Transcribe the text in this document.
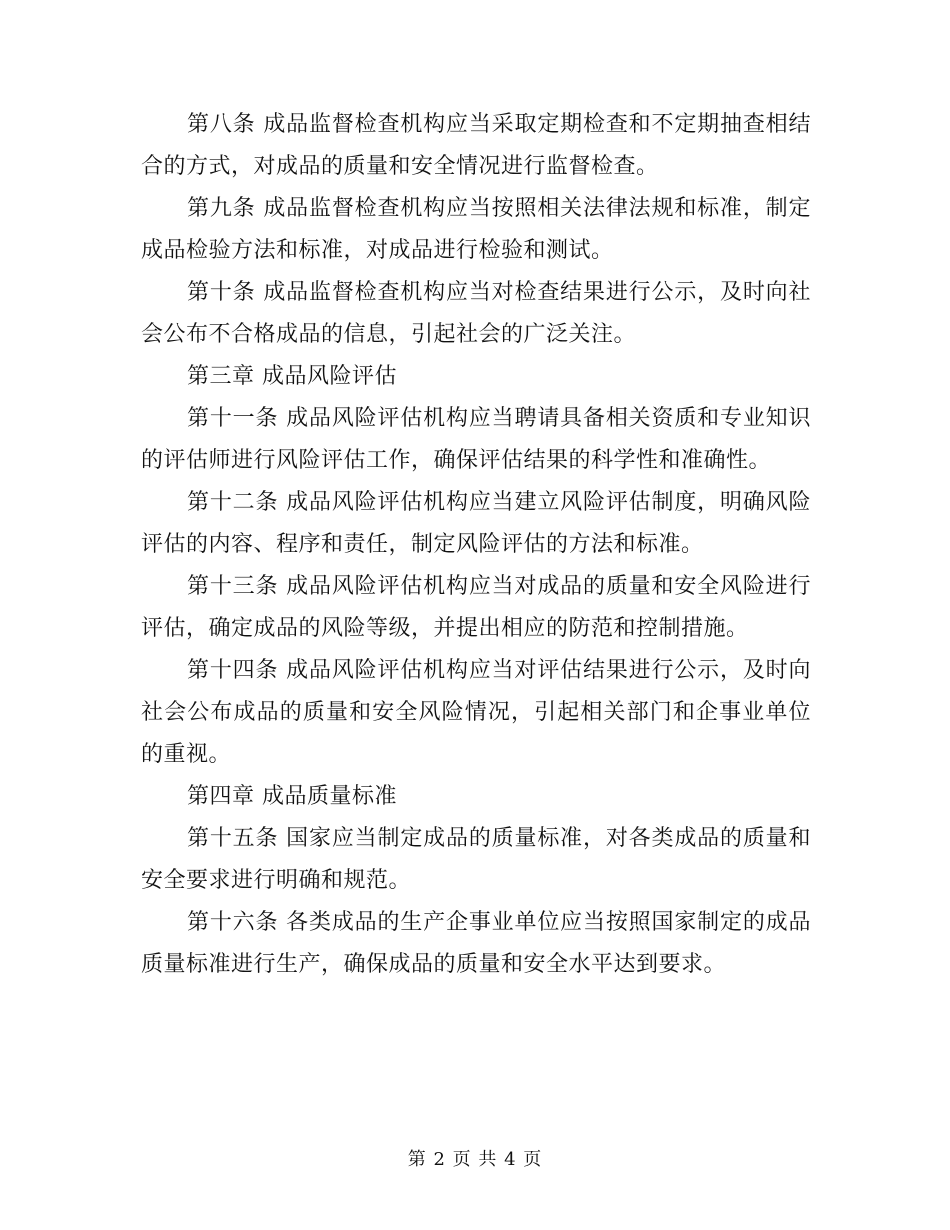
第八条 成品监督检查机构应当采取定期检查和不定期抽查相结合的方式，对成品的质量和安全情况进行监督检查。

第九条 成品监督检查机构应当按照相关法律法规和标准，制定成品检验方法和标准，对成品进行检验和测试。

第十条 成品监督检查机构应当对检查结果进行公示，及时向社会公布不合格成品的信息，引起社会的广泛关注。

第三章 成品风险评估

第十一条 成品风险评估机构应当聘请具备相关资质和专业知识的评估师进行风险评估工作，确保评估结果的科学性和准确性。

第十二条 成品风险评估机构应当建立风险评估制度，明确风险评估的内容、程序和责任，制定风险评估的方法和标准。

第十三条 成品风险评估机构应当对成品的质量和安全风险进行评估，确定成品的风险等级，并提出相应的防范和控制措施。

第十四条 成品风险评估机构应当对评估结果进行公示，及时向社会公布成品的质量和安全风险情况，引起相关部门和企事业单位的重视。

第四章 成品质量标准

第十五条 国家应当制定成品的质量标准，对各类成品的质量和安全要求进行明确和规范。

第十六条 各类成品的生产企事业单位应当按照国家制定的成品质量标准进行生产，确保成品的质量和安全水平达到要求。

第 2 页 共 4 页
